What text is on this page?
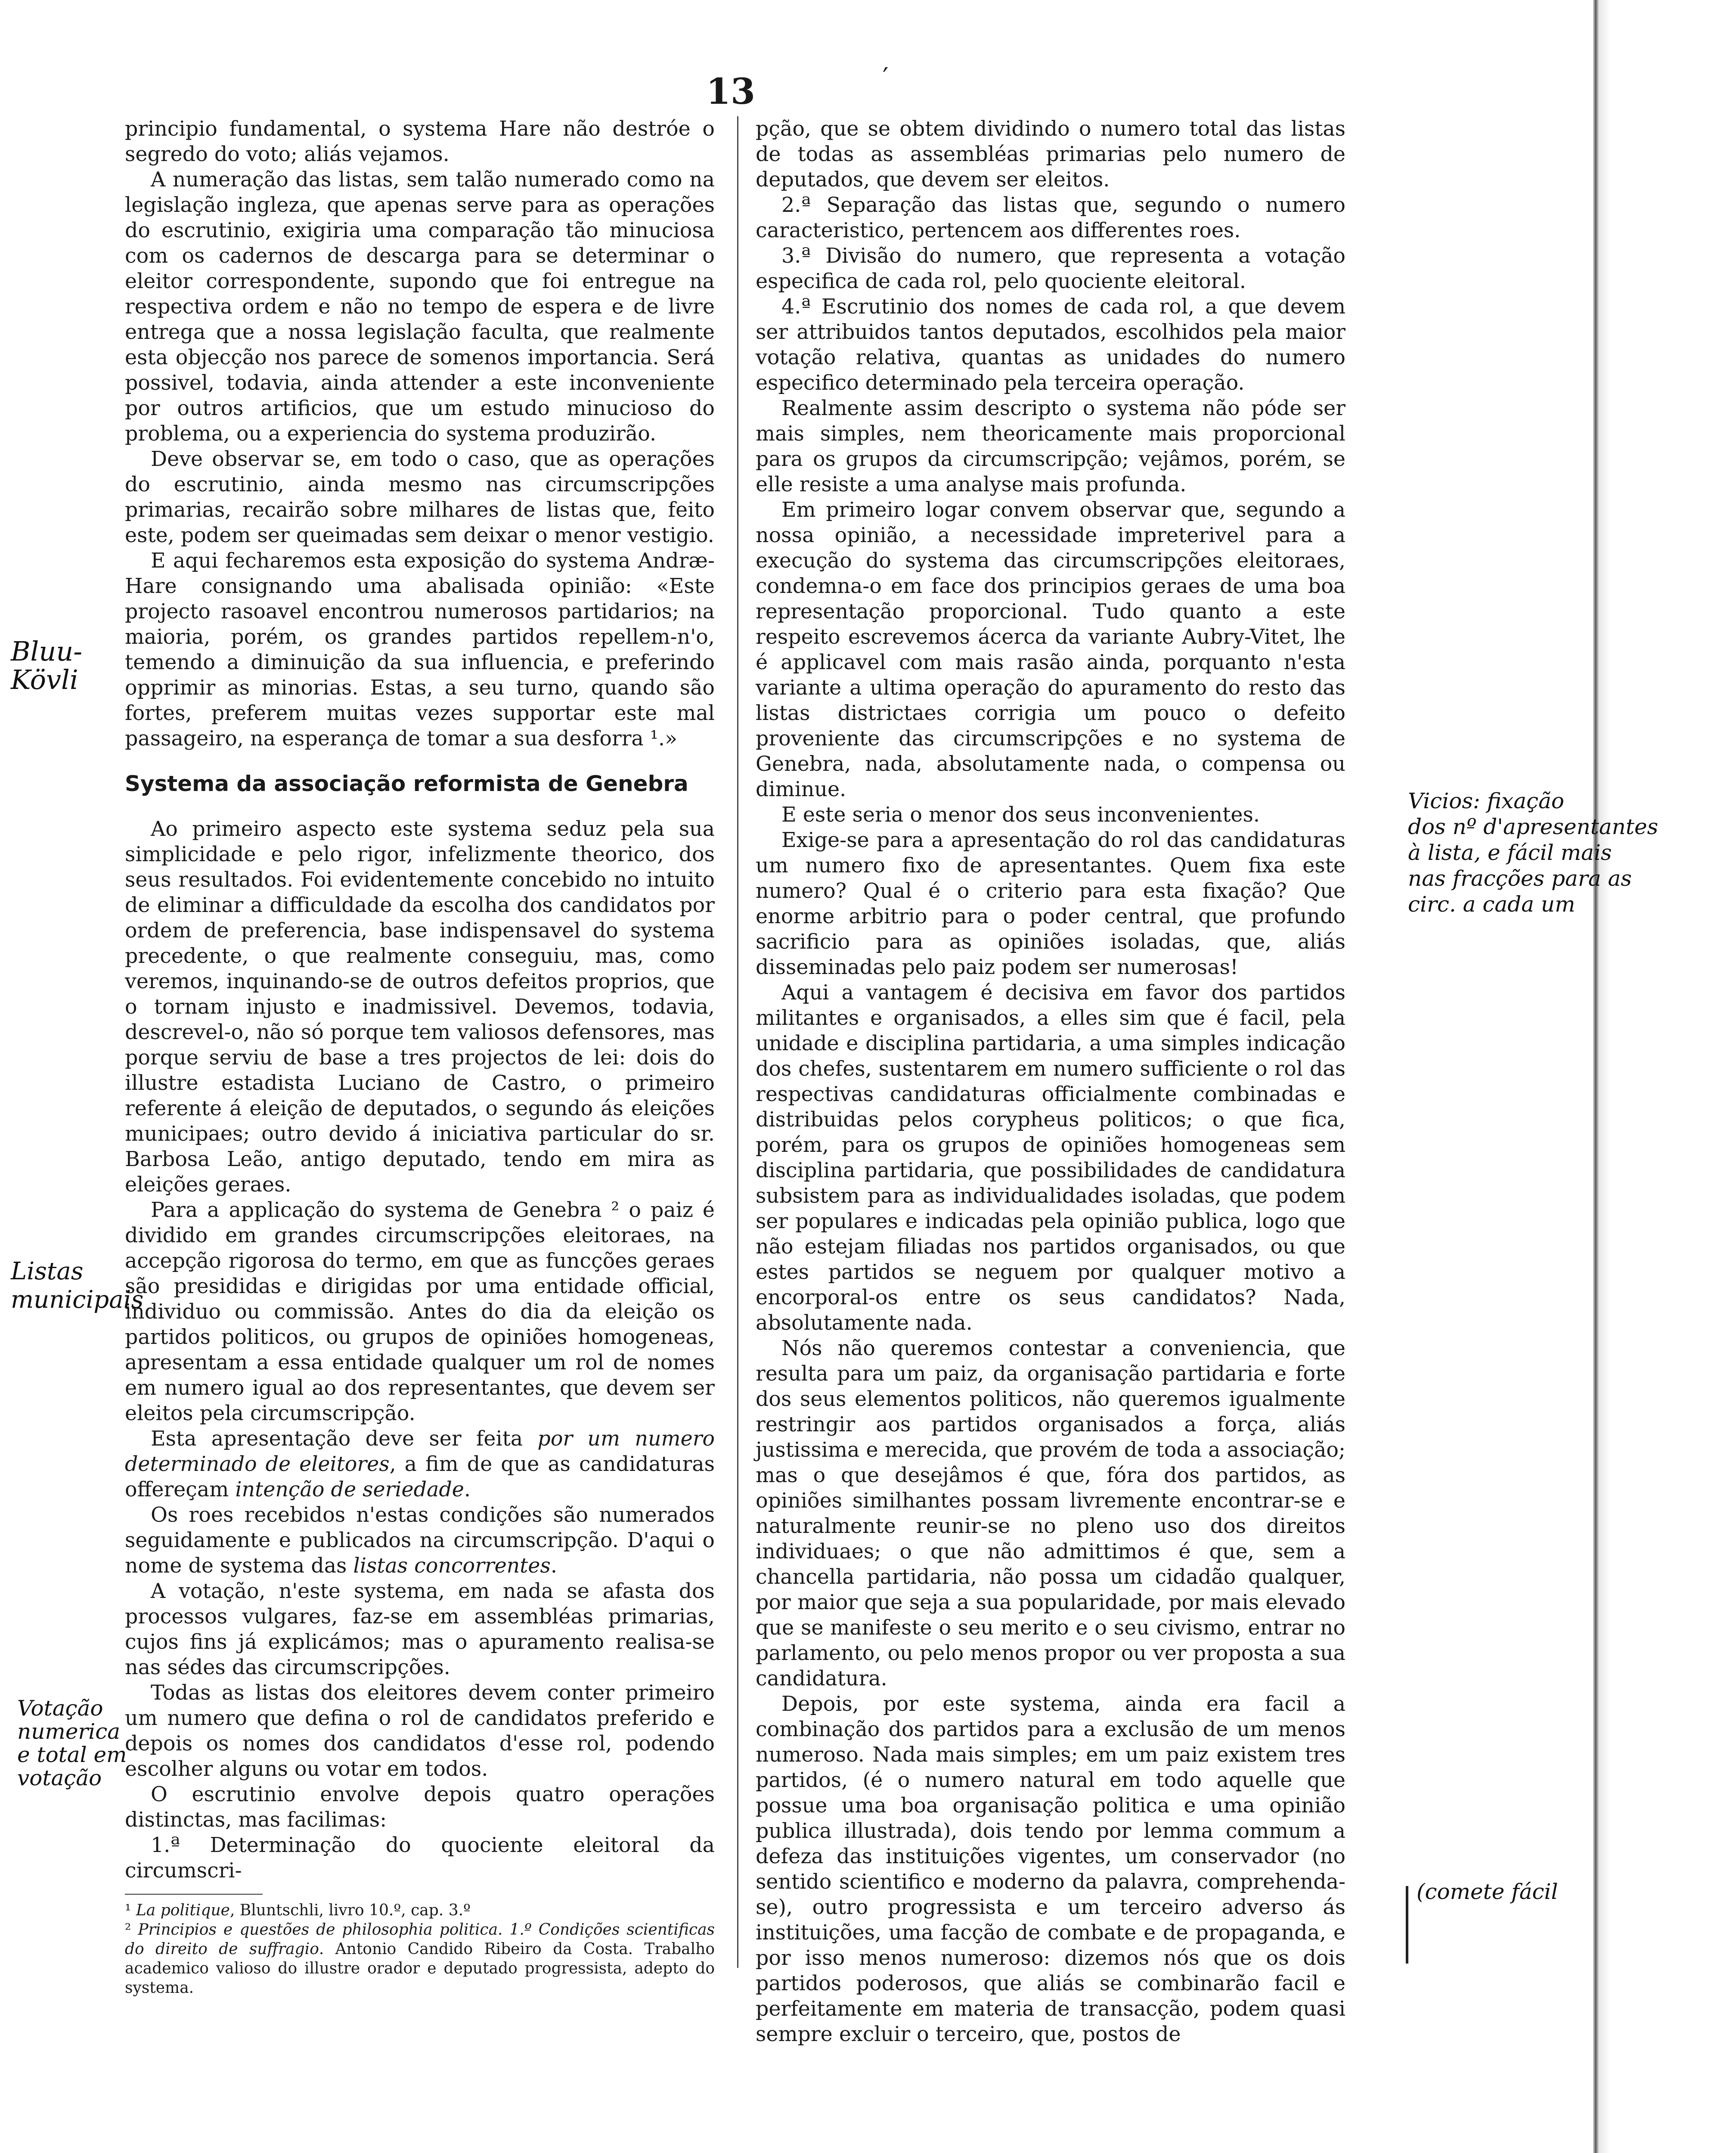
13	′

principio fundamental, o systema Hare não destróe o segredo do voto; aliás vejamos.

A numeração das listas, sem talão numerado como na legislação ingleza, que apenas serve para as operações do escrutinio, exigiria uma comparação tão minuciosa com os cadernos de descarga para se determinar o eleitor correspondente, supondo que foi entregue na respectiva ordem e não no tempo de espera e de livre entrega que a nossa legislação faculta, que realmente esta objecção nos parece de somenos importancia. Será possivel, todavia, ainda attender a este inconveniente por outros artificios, que um estudo minucioso do problema, ou a experiencia do systema produzirão.

Deve observar se, em todo o caso, que as operações do escrutinio, ainda mesmo nas circumscripções primarias, recairão sobre milhares de listas que, feito este, podem ser queimadas sem deixar o menor vestigio.

E aqui fecharemos esta exposição do systema Andræ-Hare consignando uma abalisada opinião: «Este projecto rasoavel encontrou numerosos partidarios; na maioria, porém, os grandes partidos repellem-n'o, temendo a diminuição da sua influencia, e preferindo opprimir as minorias. Estas, a seu turno, quando são fortes, preferem muitas vezes supportar este mal passageiro, na esperança de tomar a sua desforra ¹.»

Systema da associação reformista de Genebra

Ao primeiro aspecto este systema seduz pela sua simplicidade e pelo rigor, infelizmente theorico, dos seus resultados. Foi evidentemente concebido no intuito de eliminar a difficuldade da escolha dos candidatos por ordem de preferencia, base indispensavel do systema precedente, o que realmente conseguiu, mas, como veremos, inquinando-se de outros defeitos proprios, que o tornam injusto e inadmissivel. Devemos, todavia, descrevel-o, não só porque tem valiosos defensores, mas porque serviu de base a tres projectos de lei: dois do illustre estadista Luciano de Castro, o primeiro referente á eleição de deputados, o segundo ás eleições municipaes; outro devido á iniciativa particular do sr. Barbosa Leão, antigo deputado, tendo em mira as eleições geraes.

Para a applicação do systema de Genebra ² o paiz é dividido em grandes circumscripções eleitoraes, na accepção rigorosa do termo, em que as funcções geraes são presididas e dirigidas por uma entidade official, individuo ou commissão. Antes do dia da eleição os partidos politicos, ou grupos de opiniões homogeneas, apresentam a essa entidade qualquer um rol de nomes em numero igual ao dos representantes, que devem ser eleitos pela circumscripção.

Esta apresentação deve ser feita por um numero determinado de eleitores, a fim de que as candidaturas offereçam intenção de seriedade.

Os roes recebidos n'estas condições são numerados seguidamente e publicados na circumscripção. D'aqui o nome de systema das listas concorrentes.

A votação, n'este systema, em nada se afasta dos processos vulgares, faz-se em assembléas primarias, cujos fins já explicámos; mas o apuramento realisa-se nas sédes das circumscripções.

Todas as listas dos eleitores devem conter primeiro um numero que defina o rol de candidatos preferido e depois os nomes dos candidatos d'esse rol, podendo escolher alguns ou votar em todos.

O escrutinio envolve depois quatro operações distinctas, mas facilimas:

1.ª Determinação do quociente eleitoral da circumscri-

¹ La politique, Bluntschli, livro 10.º, cap. 3.º

² Principios e questões de philosophia politica. 1.º Condições scientificas do direito de suffragio. Antonio Candido Ribeiro da Costa. Trabalho academico valioso do illustre orador e deputado progressista, adepto do systema.

pção, que se obtem dividindo o numero total das listas de todas as assembléas primarias pelo numero de deputados, que devem ser eleitos.

2.ª Separação das listas que, segundo o numero caracteristico, pertencem aos differentes roes.

3.ª Divisão do numero, que representa a votação especifica de cada rol, pelo quociente eleitoral.

4.ª Escrutinio dos nomes de cada rol, a que devem ser attribuidos tantos deputados, escolhidos pela maior votação relativa, quantas as unidades do numero especifico determinado pela terceira operação.

Realmente assim descripto o systema não póde ser mais simples, nem theoricamente mais proporcional para os grupos da circumscripção; vejâmos, porém, se elle resiste a uma analyse mais profunda.

Em primeiro logar convem observar que, segundo a nossa opinião, a necessidade impreterivel para a execução do systema das circumscripções eleitoraes, condemna-o em face dos principios geraes de uma boa representação proporcional. Tudo quanto a este respeito escrevemos ácerca da variante Aubry-Vitet, lhe é applicavel com mais rasão ainda, porquanto n'esta variante a ultima operação do apuramento do resto das listas districtaes corrigia um pouco o defeito proveniente das circumscripções e no systema de Genebra, nada, absolutamente nada, o compensa ou diminue.

E este seria o menor dos seus inconvenientes.

Exige-se para a apresentação do rol das candidaturas um numero fixo de apresentantes. Quem fixa este numero? Qual é o criterio para esta fixação? Que enorme arbitrio para o poder central, que profundo sacrificio para as opiniões isoladas, que, aliás disseminadas pelo paiz podem ser numerosas!

Aqui a vantagem é decisiva em favor dos partidos militantes e organisados, a elles sim que é facil, pela unidade e disciplina partidaria, a uma simples indicação dos chefes, sustentarem em numero sufficiente o rol das respectivas candidaturas officialmente combinadas e distribuidas pelos corypheus politicos; o que fica, porém, para os grupos de opiniões homogeneas sem disciplina partidaria, que possibilidades de candidatura subsistem para as individualidades isoladas, que podem ser populares e indicadas pela opinião publica, logo que não estejam filiadas nos partidos organisados, ou que estes partidos se neguem por qualquer motivo a encorporal-os entre os seus candidatos? Nada, absolutamente nada.

Nós não queremos contestar a conveniencia, que resulta para um paiz, da organisação partidaria e forte dos seus elementos politicos, não queremos igualmente restringir aos partidos organisados a força, aliás justissima e merecida, que provém de toda a associação; mas o que desejâmos é que, fóra dos partidos, as opiniões similhantes possam livremente encontrar-se e naturalmente reunir-se no pleno uso dos direitos individuaes; o que não admittimos é que, sem a chancella partidaria, não possa um cidadão qualquer, por maior que seja a sua popularidade, por mais elevado que se manifeste o seu merito e o seu civismo, entrar no parlamento, ou pelo menos propor ou ver proposta a sua candidatura.

Depois, por este systema, ainda era facil a combinação dos partidos para a exclusão de um menos numeroso. Nada mais simples; em um paiz existem tres partidos, (é o numero natural em todo aquelle que possue uma boa organisação politica e uma opinião publica illustrada), dois tendo por lemma commum a defeza das instituições vigentes, um conservador (no sentido scientifico e moderno da palavra, comprehenda-se), outro progressista e um terceiro adverso ás instituições, uma facção de combate e de propaganda, e por isso menos numeroso: dizemos nós que os dois partidos poderosos, que aliás se combinarão facil e perfeitamente em materia de transacção, podem quasi sempre excluir o terceiro, que, postos de

Bluu-
Kövli
Listas
municipais
Votação
numerica
e total em
votação
Vicios: fixação
dos nº d'apresentantes
à lista, e fácil mais
nas fracções para as
circ. a cada um
(comete fácil
